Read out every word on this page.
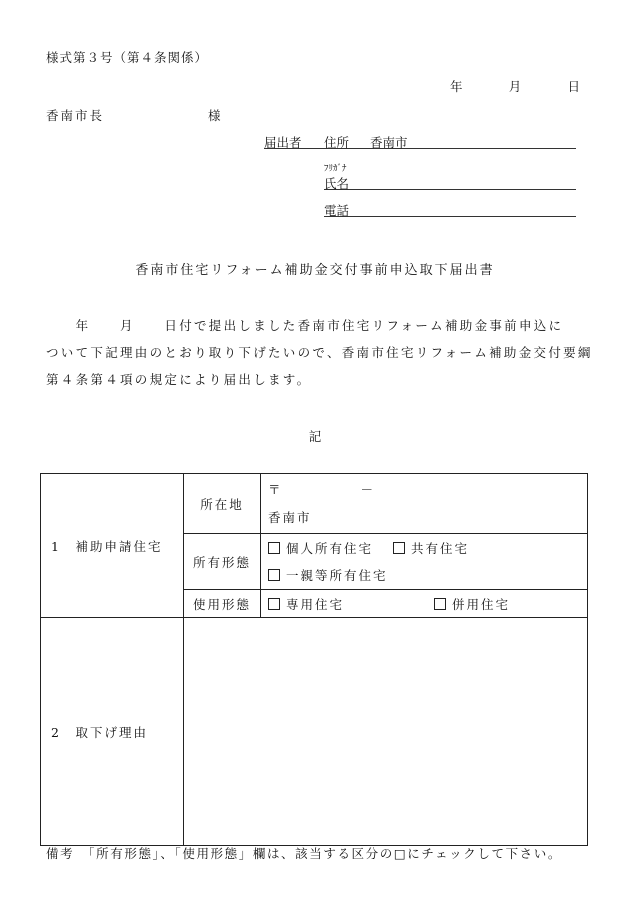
様式第３号（第４条関係）
年	月	日
香南市長	様
届出者 住所 香南市
ﾌﾘｶﾞﾅ
氏名
電話
香南市住宅リフォーム補助金交付事前申込取下届出書

　　年　　月　　日付で提出しました香南市住宅リフォーム補助金事前申込に

ついて下記理由のとおり取り下げたいので、香南市住宅リフォーム補助金交付要綱

第４条第４項の規定により届出します。

記
1　補助申請住宅	所在地	〒 －
香南市

	所有形態	個人所有住宅 共有住宅
		一親等所有住宅
	使用形態	専用住宅 併用住宅
2　取下げ理由		
備考　「所有形態」、「使用形態」欄は、該当する区分の□にチェックして下さい。
